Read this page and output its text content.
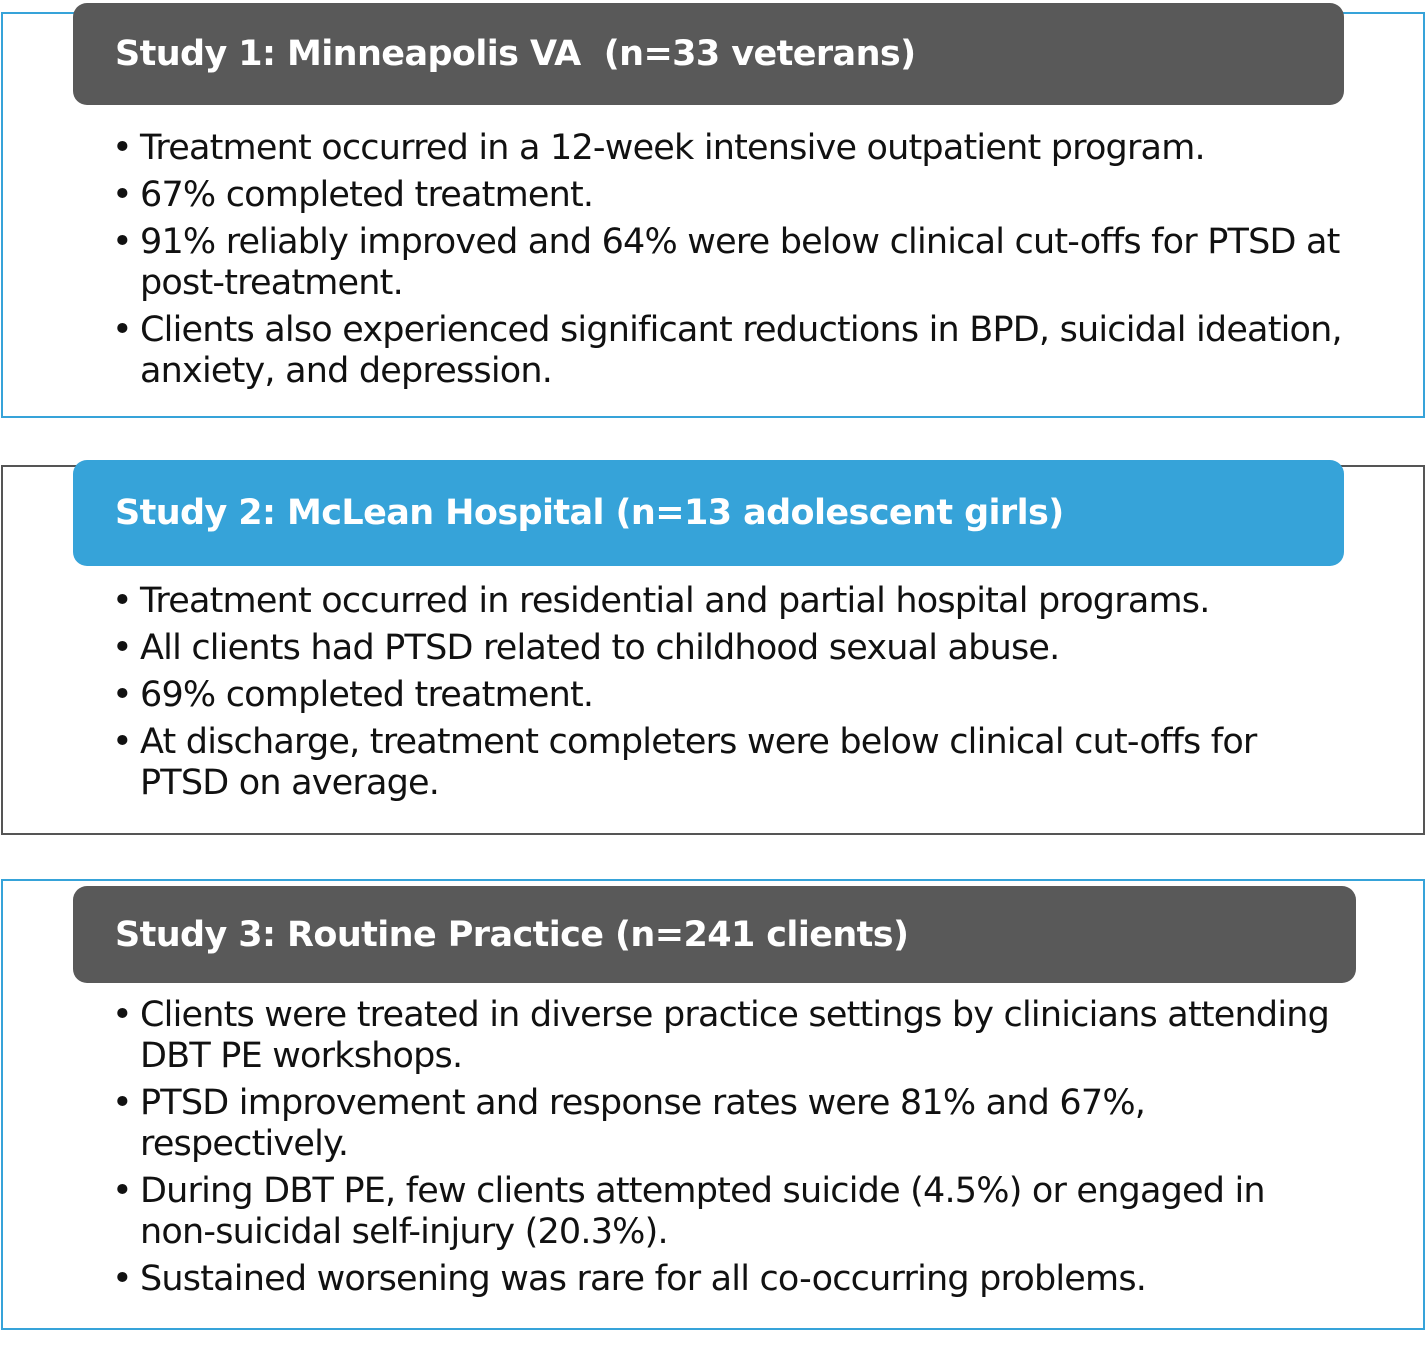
Study 1: Minneapolis VA  (n=33 veterans)
• Treatment occurred in a 12-week intensive outpatient program.
• 67% completed treatment.
• 91% reliably improved and 64% were below clinical cut-offs for PTSD at post-treatment.
• Clients also experienced significant reductions in BPD, suicidal ideation, anxiety, and depression.
Study 2: McLean Hospital (n=13 adolescent girls)
• Treatment occurred in residential and partial hospital programs.
• All clients had PTSD related to childhood sexual abuse.
• 69% completed treatment.
• At discharge, treatment completers were below clinical cut-offs for PTSD on average.
Study 3: Routine Practice (n=241 clients)
• Clients were treated in diverse practice settings by clinicians attending DBT PE workshops.
• PTSD improvement and response rates were 81% and 67%, respectively.
• During DBT PE, few clients attempted suicide (4.5%) or engaged in non-suicidal self-injury (20.3%).
• Sustained worsening was rare for all co-occurring problems.
